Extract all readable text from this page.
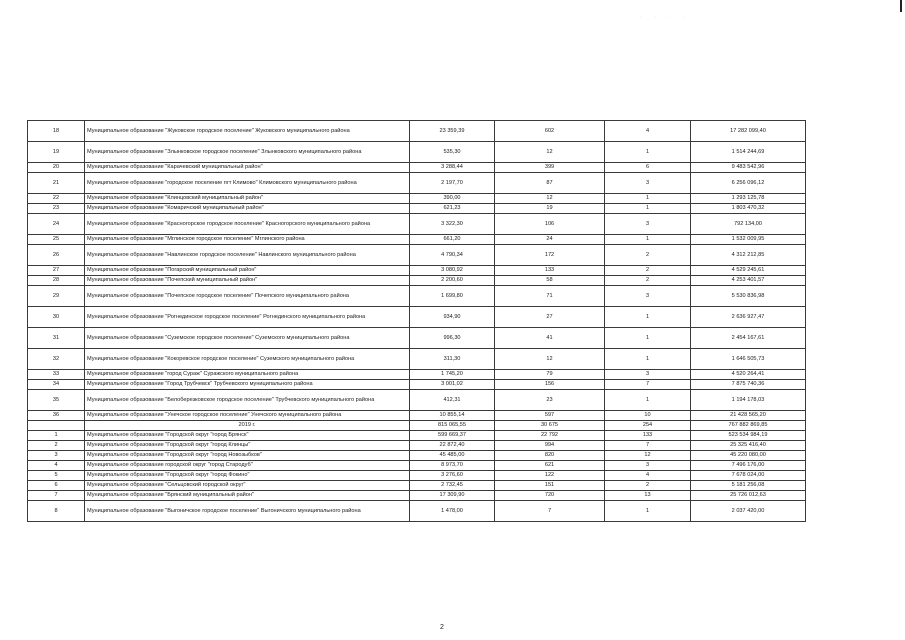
· · · ·
18	Муниципальное образование "Жуковское городское поселение" Жуковского муниципального района	23 359,39	602	4	17 282 099,40
19	Муниципальное образование "Злынковское городское поселение" Злынковского муниципального района	535,30	12	1	1 514 244,69
20	Муниципальное образование "Карачевский муниципальный район"	3 288,44	399	6	9 483 542,96
21	Муниципальное образование "городское поселение пгт Климово" Климовского муниципального района	2 197,70	87	3	6 256 096,12
22	Муниципальное образование "Клинцовский муниципальный район"	390,00	12	1	1 293 125,78
23	Муниципальное образование "Комаричский муниципальный район"	621,23	19	1	1 803 470,32
24	Муниципальное образование "Красногорское городское поселение" Красногорского муниципального района	3 322,30	106	3	792 134,00
25	Муниципальное образование "Мглинское городское поселение" Мглинского района	661,20	24	1	1 532 009,95
26	Муниципальное образование "Навлинское городское поселение" Навлинского муниципального района	4 790,34	172	2	4 312 212,85
27	Муниципальное образование "Погарский муниципальный район"	3 080,92	133	2	4 529 245,61
28	Муниципальное образование "Почепский муниципальный район"	2 200,60	58	2	4 253 401,57
29	Муниципальное образование "Почепское городское поселение" Почепского муниципального района	1 699,80	71	3	5 530 836,98
30	Муниципальное образование "Рогнединское городское поселение" Рогнединского муниципального района	934,90	27	1	2 636 927,47
31	Муниципальное образование "Суземское городское поселение" Суземского муниципального района	996,30	41	1	2 454 167,61
32	Муниципальное образование "Кокоревское городское поселение" Суземского муниципального района	311,30	12	1	1 646 505,73
33	Муниципальное образование "город Сураж" Суражского муниципального района	1 745,20	79	3	4 520 264,41
34	Муниципальное образование "Город Трубчевск" Трубчевского муниципального района	3 001,02	156	7	7 875 740,36
35	Муниципальное образование "Белоберезковское городское поселение" Трубчевского муниципального района	412,31	23	1	1 194 178,03
36	Муниципальное образование "Унечское городское поселение" Унечского муниципального района	10 855,14	597	10	21 428 565,20
	2019 г.	815 065,55	30 675	254	767 882 869,85
1	Муниципальное образование "Городской округ "город Брянск"	599 669,37	22 792	133	523 534 984,19
2	Муниципальное образование "Городской округ "город Клинцы"	22 872,40	994	7	25 325 416,40
3	Муниципальное образование "Городской округ "город Новозыбков"	45 485,00	820	12	45 220 080,00
4	Муниципальное образование городской округ "город Стародуб"	8 973,70	621	3	7 496 176,00
5	Муниципальное образование "Городской округ "город Фокино"	3 276,60	122	4	7 678 024,00
6	Муниципальное образование "Сельцовский городской округ"	2 732,45	151	2	5 181 256,08
7	Муниципальное образование "Брянский муниципальный район"	17 309,90	720	13	25 726 012,63
8	Муниципальное образование "Выгоничское городское поселение" Выгоничского муниципального района	1 478,00	7	1	2 037 420,00
2
